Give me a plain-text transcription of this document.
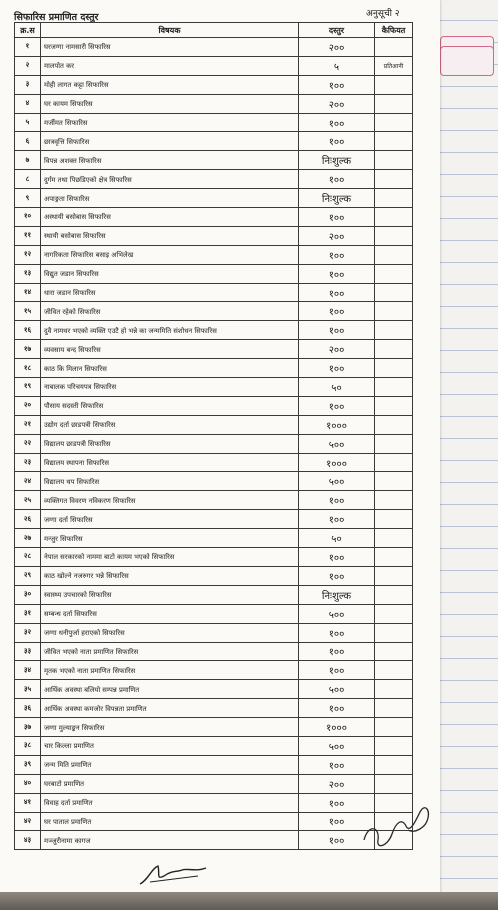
सिफारिस प्रमाणित दस्तुर	अनुसूची २
क्र.स	विषयक	दस्तुर	कैफियत
१	घरजग्गा नामसारी सिफारिस	२००	
२	मालपोत कर	५	प्रतिआनी
३	मोही लागत कट्टा सिफारिस	१००	
४	घर कायम सिफारिस	२००	
५	मर्जीमत सिफारिस	१००	
६	छात्रवृत्ति सिफारिस	१००	
७	विपन्न अशक्त सिफारिस	निःशुल्क	
८	दुर्गम तथा पिछडिएको क्षेत्र सिफारिस	१००	
९	अपाङ्गता सिफारिस	निःशुल्क	
१०	अस्थायी बसोबास सिफारिस	१००	
११	स्थायी बसोबास सिफारिस	२००	
१२	नागरिकता सिफारिस बसाइ अभिलेख	१००	
१३	विद्युत जडान सिफारिस	१००	
१४	धारा जडान सिफारिस	१००	
१५	जीवित रहेको सिफारिस	१००	
१६	दुवै नामथर भएको व्यक्ति एउटै हो भन्ने का जन्ममिति संशोधन सिफारिस	१००	
१७	व्यवसाय बन्द सिफारिस	२००	
१८	काठ कि मिलान सिफारिस	१००	
१९	नाबालक परिचयपत्र सिफारिस	५०	
२०	पौसाय सदस्ती सिफारिस	१००	
२१	उद्योग दर्ता छाडपत्री सिफारिस	१०००	
२२	विद्यालय छाडपत्री सिफारिस	५००	
२३	विद्यालय स्थापना सिफारिस	१०००	
२४	विद्यालय थप सिफारिस	५००	
२५	व्यक्तिगत विवरण नविकरण सिफारिस	१००	
२६	जग्गा दर्ता सिफारिस	१००	
२७	मन्जुर सिफारिस	५०	
२८	नेपाल सरकारको नाममा बाटो कायम भएको सिफारिस	१००	
२९	काठ खोल्ने नजरुगर भन्ने सिफारिस	१००	
३०	स्वास्थ्य उपचारको सिफारिस	निःशुल्क	
३१	सम्बन्ध दर्ता सिफारिस	५००	
३२	जग्गा धनीपुर्जा हराएको सिफारिस	१००	
३३	जीवित भएको नाता प्रमाणित सिफारिस	१००	
३४	मृतक भएको नाता प्रमाणित सिफारिस	१००	
३५	आर्थिक अवस्था बलियो सम्पन्न प्रमाणित	५००	
३६	आर्थिक अवस्था कमजोर विपन्नता प्रमाणित	१००	
३७	जग्गा मुल्याङ्कन सिफारिस	१०००	
३८	चार किल्ला प्रमाणित	५००	
३९	जन्म मिति प्रमाणित	१००	
४०	घरबाटो प्रमाणित	२००	
४१	विवाह दर्ता प्रमाणित	१००	
४२	घर पाताल प्रमाणित	१००	
४३	मञ्जुरीनामा कागज	१००	
